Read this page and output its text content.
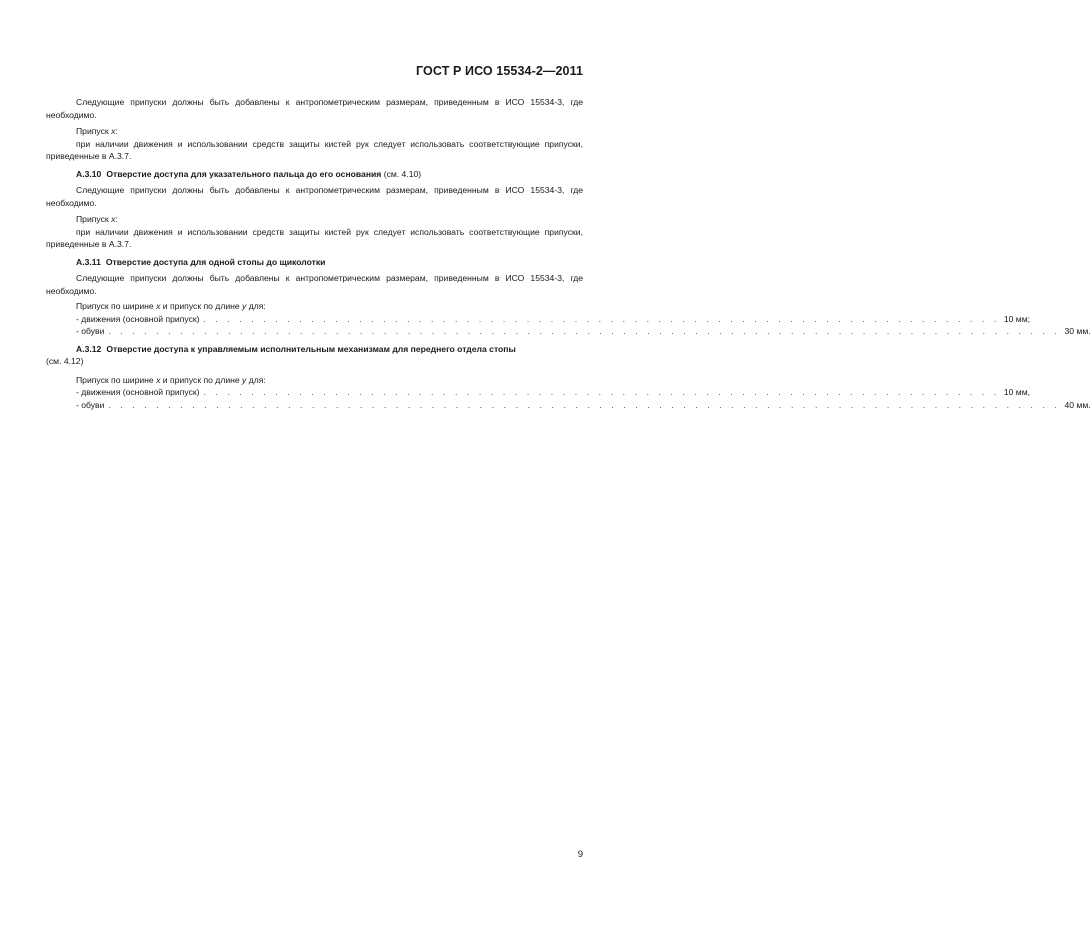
ГОСТ Р ИСО 15534-2—2011

Следующие припуски должны быть добавлены к антропометрическим размерам, приведенным в ИСО 15534-3, где необходимо.

Припуск x:

при наличии движения и использовании средств защиты кистей рук следует использовать соответствующие припуски, приведенные в А.3.7.

А.3.10 Отверстие доступа для указательного пальца до его основания (см. 4.10)

Следующие припуски должны быть добавлены к антропометрическим размерам, приведенным в ИСО 15534-3, где необходимо.

Припуск x:

при наличии движения и использовании средств защиты кистей рук следует использовать соответствующие припуски, приведенные в А.3.7.

А.3.11 Отверстие доступа для одной стопы до щиколотки

Следующие припуски должны быть добавлены к антропометрическим размерам, приведенным в ИСО 15534-3, где необходимо.

Припуск по ширине x и припуск по длине y для:
- движения (основной припуск) . . . . . . . . . . . . . . . . . . . . . . . . . . . . . . . . . . . . . . . . . . . . . . . . . . . . . . . . . . . . . . . . . . . 10 мм;
- обуви . . . . . . . . . . . . . . . . . . . . . . . . . . . . . . . . . . . . . . . . . . . . . . . . . . . . . . . . . . . . . . . . . . . . . . . . . . . . . . . . 30 мм.

А.3.12 Отверстие доступа к управляемым исполнительным механизмам для переднего отдела стопы
(см. 4.12)

Припуск по ширине x и припуск по длине y для:
- движения (основной припуск) . . . . . . . . . . . . . . . . . . . . . . . . . . . . . . . . . . . . . . . . . . . . . . . . . . . . . . . . . . . . . . . . . . . 10 мм,
- обуви . . . . . . . . . . . . . . . . . . . . . . . . . . . . . . . . . . . . . . . . . . . . . . . . . . . . . . . . . . . . . . . . . . . . . . . . . . . . . . . . 40 мм.
9
